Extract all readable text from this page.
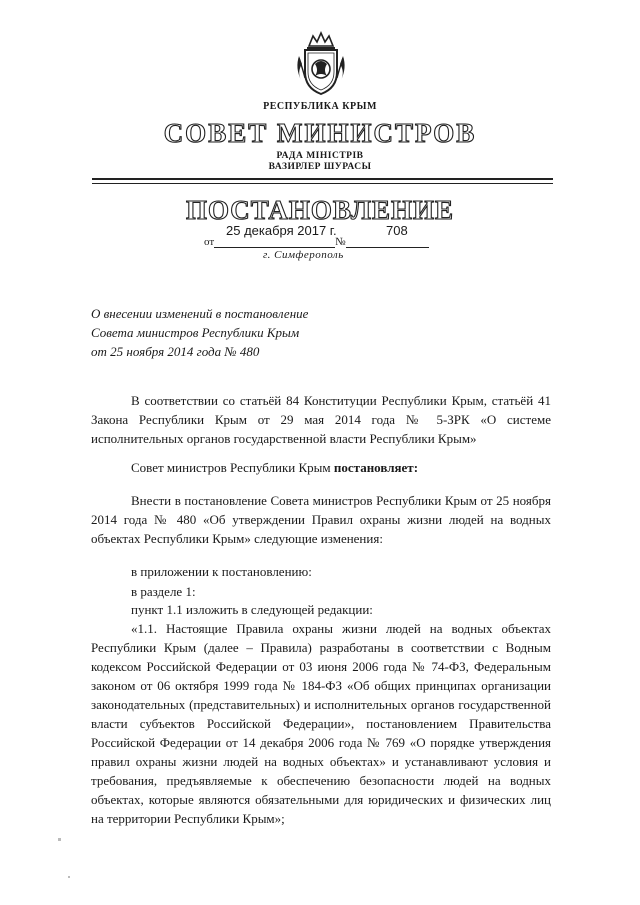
РЕСПУБЛИКА КРЫМ
СОВЕТ МИНИСТРОВ
РАДА МІНІСТРІВ
ВАЗИРЛЕР ШУРАСЫ
ПОСТАНОВЛЕНИЕ
25 декабря 2017 г.	708
от	№
г. Симферополь
О внесении изменений в постановление
Совета министров Республики Крым
от 25 ноября 2014 года № 480

В соответствии со статьёй 84 Конституции Республики Крым, статьёй 41 Закона Республики Крым от 29 мая 2014 года № 5-ЗРК «О системе исполнительных органов государственной власти Республики Крым»

Совет министров Республики Крым постановляет:

Внести в постановление Совета министров Республики Крым от 25 ноября 2014 года № 480 «Об утверждении Правил охраны жизни людей на водных объектах Республики Крым» следующие изменения:

в приложении к постановлению:

в разделе 1:

пункт 1.1 изложить в следующей редакции:

«1.1. Настоящие Правила охраны жизни людей на водных объектах Республики Крым (далее – Правила) разработаны в соответствии с Водным кодексом Российской Федерации от 03 июня 2006 года № 74-ФЗ, Федеральным законом от 06 октября 1999 года № 184-ФЗ «Об общих принципах организации законодательных (представительных) и исполнительных органов государственной власти субъектов Российской Федерации», постановлением Правительства Российской Федерации от 14 декабря 2006 года № 769 «О порядке утверждения правил охраны жизни людей на водных объектах» и устанавливают условия и требования, предъявляемые к обеспечению безопасности людей на водных объектах, которые являются обязательными для юридических и физических лиц на территории Республики Крым»;
